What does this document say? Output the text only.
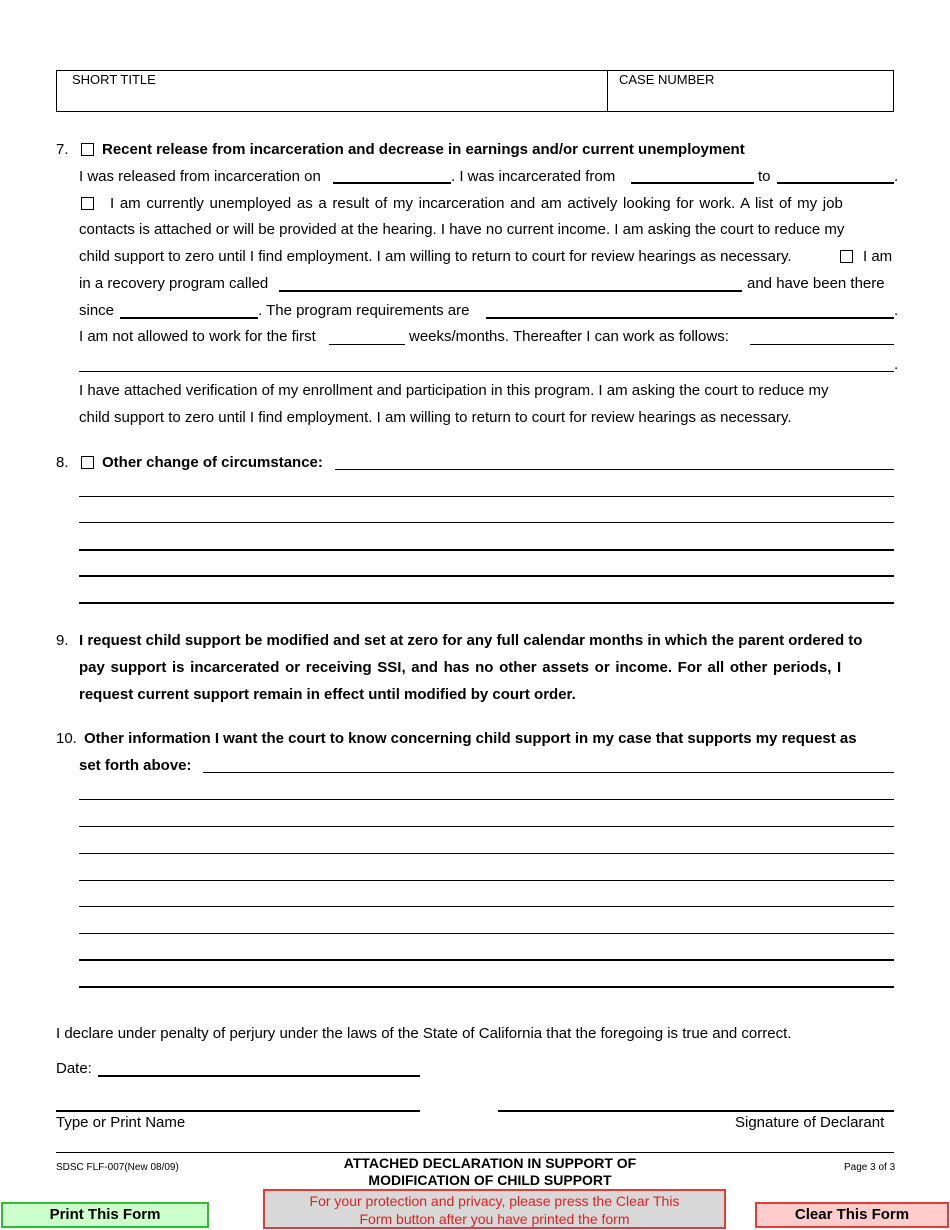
SHORT TITLE	CASE NUMBER
7. Recent release from incarceration and decrease in earnings and/or current unemployment
I was released from incarceration on	. I was incarcerated from	to	.
I am currently unemployed as a result of my incarceration and am actively looking for work. A list of my job
contacts is attached or will be provided at the hearing. I have no current income. I am asking the court to reduce my
child support to zero until I find employment. I am willing to return to court for review hearings as necessary.	I am
in a recovery program called	and have been there
since	. The program requirements are	.
I am not allowed to work for the first	weeks/months. Thereafter I can work as follows:
.
I have attached verification of my enrollment and participation in this program. I am asking the court to reduce my
child support to zero until I find employment. I am willing to return to court for review hearings as necessary.
8. Other change of circumstance:
9. I request child support be modified and set at zero for any full calendar months in which the parent ordered to
pay support is incarcerated or receiving SSI, and has no other assets or income. For all other periods, I
request current support remain in effect until modified by court order.
10. Other information I want the court to know concerning child support in my case that supports my request as
set forth above:
I declare under penalty of perjury under the laws of the State of California that the foregoing is true and correct.
Date:
Type or Print Name	Signature of Declarant
SDSC FLF-007(New 08/09)	ATTACHED DECLARATION IN SUPPORT OF
MODIFICATION OF CHILD SUPPORT
Page 3 of 3
Print This Form
For your protection and privacy, please press the Clear This
Form button after you have printed the form	Clear This Form
